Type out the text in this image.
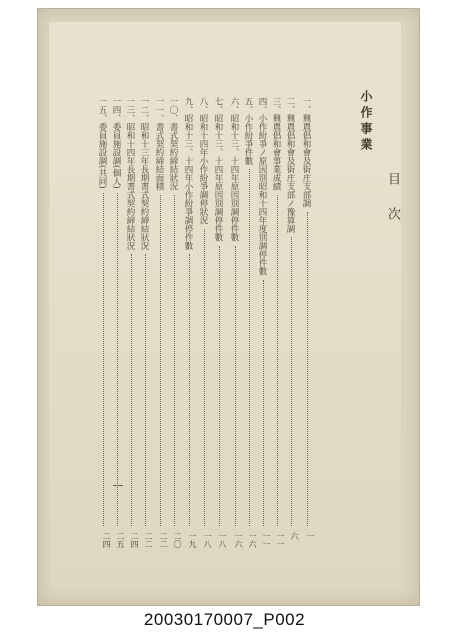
目次
小作事業
一、興農倡和會及街庄支部調
一
二、興農倡和會及街庄支部ノ豫算調
六
三、興農倡和會事業成績
一一
四、小作紛爭ノ原因別昭和十四年度別調停件數
一一
五、小作紛爭件數
一六
六、昭和十三、十四年原因別調停件數
一六
七、昭和十三、十四年原因別調停件數
一八
八、昭和十四年小作紛爭調停狀況
一八
九、昭和十三、十四年小作紛爭調停件數
一九
一〇、書式契約締結狀況
二〇
一一、書式契約締結面積
二二
一二、昭和十三年長期書式契約締結狀況
二二
一三、昭和十四年長期書式契約締結狀況
二四
一四、委員施設調(個人)
二五
一五、委員施設調(共同)
二四
20030170007_P002
